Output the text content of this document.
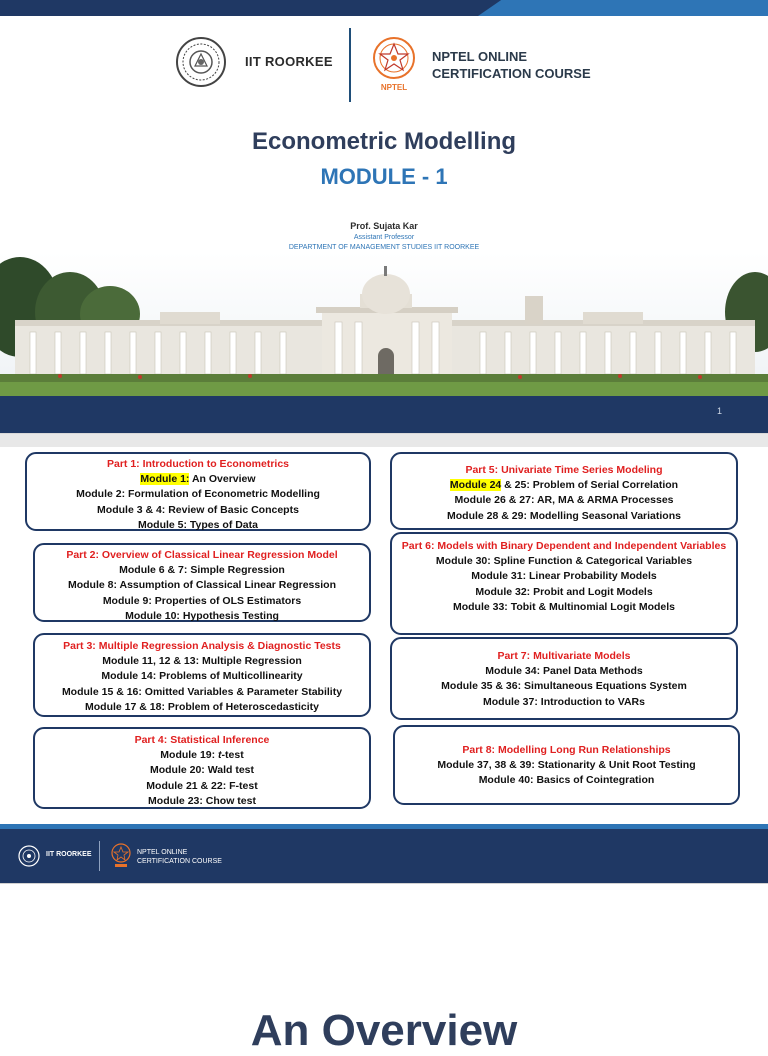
IIT ROORKEE
NPTEL
NPTEL ONLINE
CERTIFICATION COURSE
Econometric Modelling
MODULE - 1
Prof. Sujata Kar
Assistant Professor
DEPARTMENT OF MANAGEMENT STUDIES IIT ROORKEE
1
Part 1: Introduction to Econometrics
Module 1: An Overview
Module 2: Formulation of Econometric Modelling
Module 3 & 4: Review of Basic Concepts
Module 5: Types of Data
Part 2: Overview of Classical Linear Regression Model
Module 6 & 7: Simple Regression
Module 8: Assumption of Classical Linear Regression
Module 9: Properties of OLS Estimators
Module 10: Hypothesis Testing
Part 3: Multiple Regression Analysis & Diagnostic Tests
Module 11, 12 & 13: Multiple Regression
Module 14: Problems of Multicollinearity
Module 15 & 16: Omitted Variables & Parameter Stability
Module 17 & 18: Problem of Heteroscedasticity
Part 4: Statistical Inference
Module 19: t-test
Module 20: Wald test
Module 21 & 22: F-test
Module 23: Chow test
Part 5: Univariate Time Series Modeling
Module 24 & 25: Problem of Serial Correlation
Module 26 & 27: AR, MA & ARMA Processes
Module 28 & 29: Modelling Seasonal Variations
Part 6: Models with Binary Dependent and Independent Variables
Module 30: Spline Function & Categorical Variables
Module 31: Linear Probability Models
Module 32: Probit and Logit Models
Module 33: Tobit & Multinomial Logit Models
Part 7: Multivariate Models
Module 34: Panel Data Methods
Module 35 & 36: Simultaneous Equations System
Module 37: Introduction to VARs
Part 8: Modelling Long Run Relationships
Module 37, 38 & 39: Stationarity & Unit Root Testing
Module 40: Basics of Cointegration
IIT ROORKEE	NPTEL ONLINE
CERTIFICATION COURSE
An Overview
